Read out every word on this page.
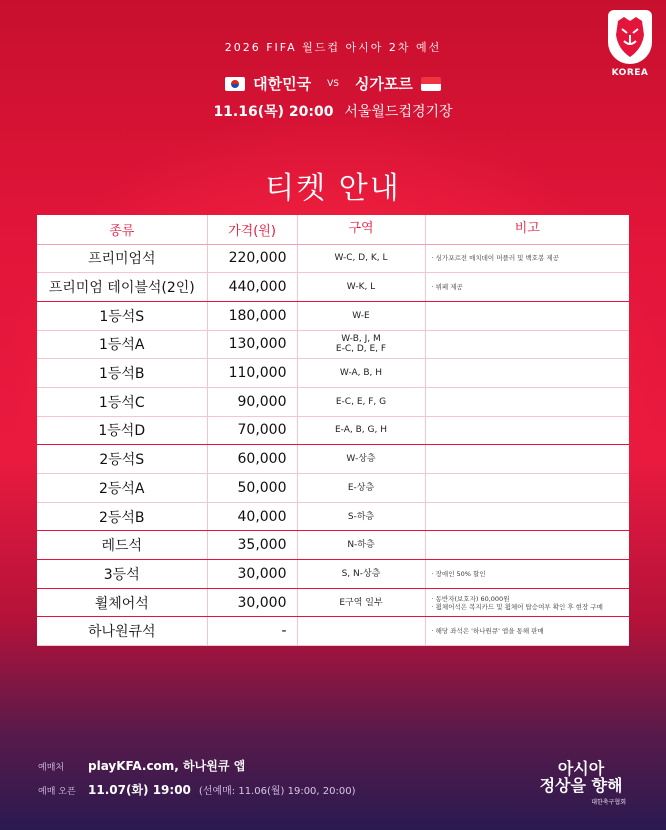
KOREA
2026 FIFA 월드컵 아시아 2차 예선
대한민국 VS 싱가포르
11.16(목) 20:00 서울월드컵경기장
티켓 안내
종류	가격(원)	구역	비고
프리미엄석	220,000	W-C, D, K, L	· 싱가포르전 매치데이 머플러 및 백호봉 제공
프리미엄 테이블석(2인)	440,000	W-K, L	· 뷔페 제공
1등석S	180,000	W-E	
1등석A	130,000	W-B, J, M
E-C, D, E, F	
1등석B	110,000	W-A, B, H	
1등석C	90,000	E-C, E, F, G	
1등석D	70,000	E-A, B, G, H	
2등석S	60,000	W-상층	
2등석A	50,000	E-상층	
2등석B	40,000	S-하층	
레드석	35,000	N-하층	
3등석	30,000	S, N-상층	· 장애인 50% 할인
휠체어석	30,000	E구역 일부	· 동반자(보호자) 60,000원
· 휠체어석은 복지카드 및 휠체어 탑승여부 확인 후 현장 구매
하나원큐석	-		· 해당 좌석은 '하나원큐' 앱을 통해 판매
예매처	playKFA.com, 하나원큐 앱
예매 오픈	11.07(화) 19:00 (선예매: 11.06(월) 19:00, 20:00)
아시아
정상을 향해
대한축구협회
